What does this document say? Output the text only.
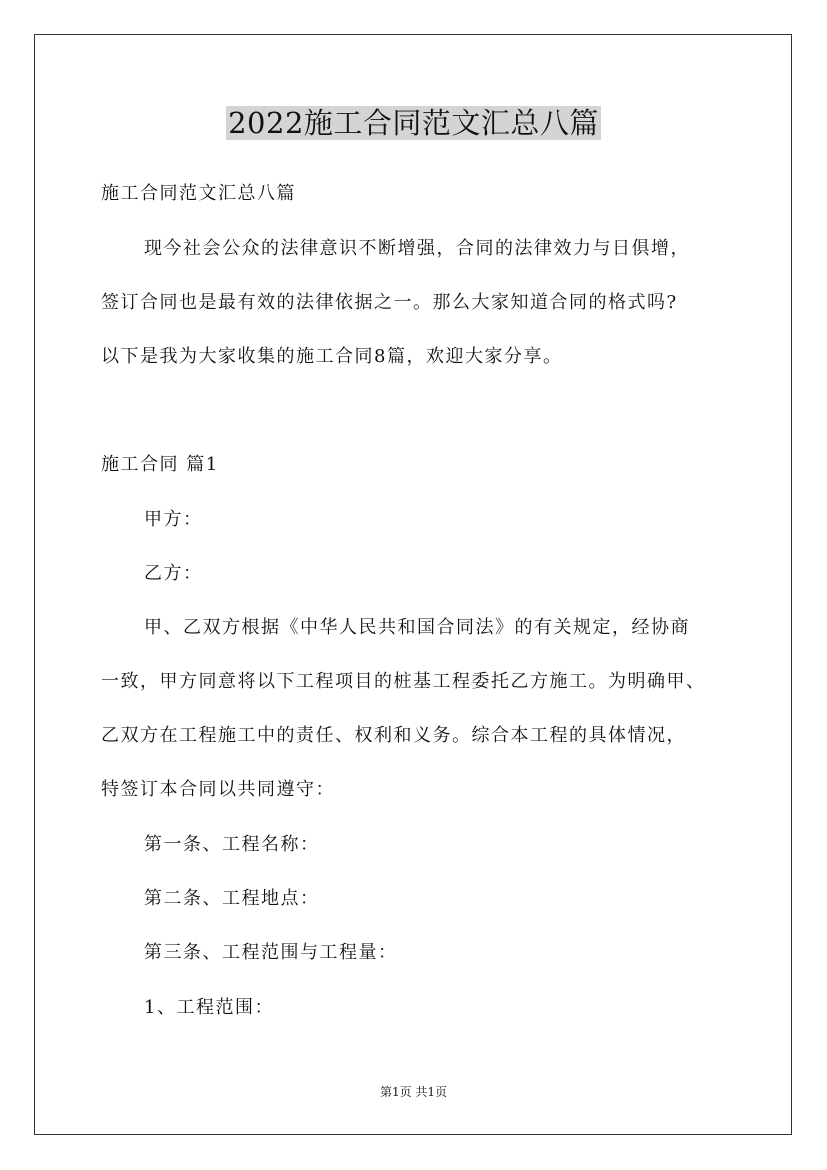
2022施工合同范文汇总八篇

施工合同范文汇总八篇

现今社会公众的法律意识不断增强，合同的法律效力与日俱增，

签订合同也是最有效的法律依据之一。那么大家知道合同的格式吗?

以下是我为大家收集的施工合同8篇，欢迎大家分享。

施工合同 篇1

甲方：

乙方：

甲、乙双方根据《中华人民共和国合同法》的有关规定，经协商

一致，甲方同意将以下工程项目的桩基工程委托乙方施工。为明确甲、

乙双方在工程施工中的责任、权利和义务。综合本工程的具体情况，

特签订本合同以共同遵守：

第一条、工程名称：

第二条、工程地点：

第三条、工程范围与工程量：

1、工程范围：

第1页 共1页
